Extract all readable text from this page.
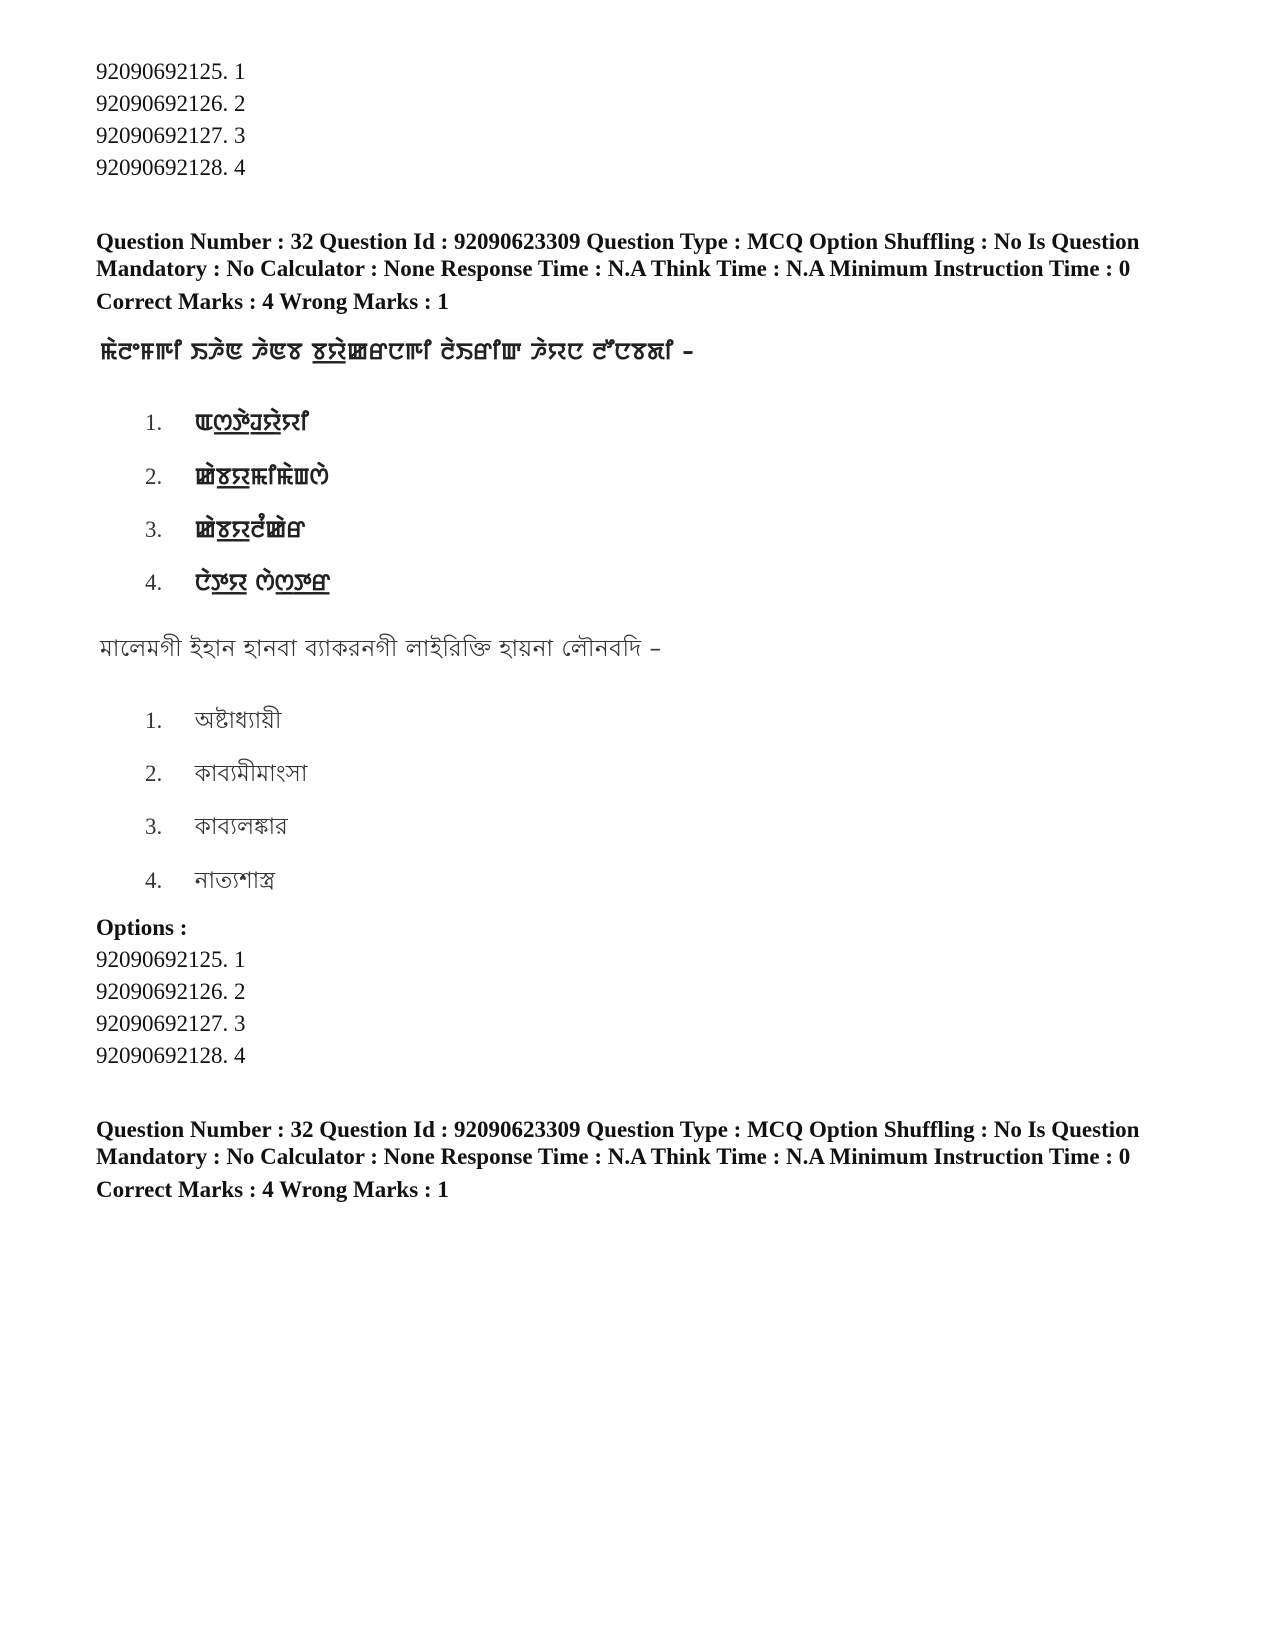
92090692125. 1
92090692126. 2
92090692127. 3
92090692128. 4
Question Number : 32 Question Id : 92090623309 Question Type : MCQ Option Shuffling : No Is Question
Mandatory : No Calculator : None Response Time : N.A Think Time : N.A Minimum Instruction Time : 0
Correct Marks : 4 Wrong Marks : 1
ꯃꯥꯂꯦꯝꯒꯤ ꯏꯍꯥꯟ ꯍꯥꯟꯕ ꯕ꯭ꯌꯥꯀꯔꯅꯒꯤ ꯂꯥꯏꯔꯤꯛ ꯍꯥꯌꯅ ꯂꯧꯅꯕꯗꯤ –
1. ꯑꯁ꯭ꯇꯥꯙ꯭ꯌꯥꯌꯤ
2. ꯀꯥꯕ꯭ꯌꯃꯤꯃꯥꯡꯁꯥ
3. ꯀꯥꯕ꯭ꯌꯂꯪꯀꯥꯔ
4. ꯅꯥꯇ꯭ꯌ ꯁꯥꯁ꯭ꯇ꯭ꯔ
মালেমগী ইহান হানবা ব্যাকরনগী লাইরিক্তি হায়না লৌনবদি –
1. অষ্টাধ্যায়ী
2. কাব্যমীমাংসা
3. কাব্যলঙ্কার
4. নাত্যশাস্ত্র
Options :
92090692125. 1
92090692126. 2
92090692127. 3
92090692128. 4
Question Number : 32 Question Id : 92090623309 Question Type : MCQ Option Shuffling : No Is Question
Mandatory : No Calculator : None Response Time : N.A Think Time : N.A Minimum Instruction Time : 0
Correct Marks : 4 Wrong Marks : 1
